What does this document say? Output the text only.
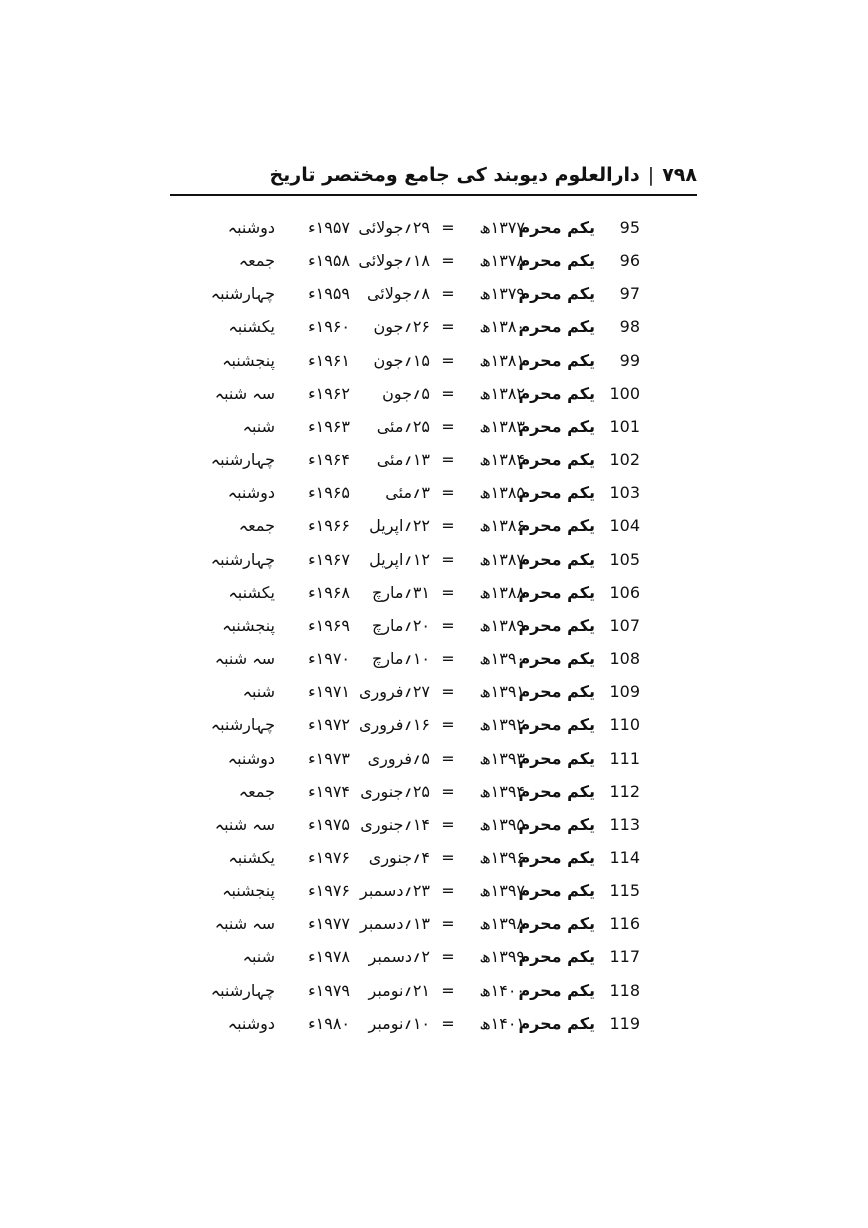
۷۹۸
|
دارالعلوم دیوبند کی جامع ومختصر تاریخ
95
یکم محرم
۱۳۷۷ھ
=
۲۹؍جولائی
۱۹۵۷ء
دوشنبہ
96
یکم محرم
۱۳۷۸ھ
=
۱۸؍جولائی
۱۹۵۸ء
جمعہ
97
یکم محرم
۱۳۷۹ھ
=
۸؍جولائی
۱۹۵۹ء
چہارشنبہ
98
یکم محرم
۱۳۸۰ھ
=
۲۶؍جون
۱۹۶۰ء
یکشنبہ
99
یکم محرم
۱۳۸۱ھ
=
۱۵؍جون
۱۹۶۱ء
پنجشنبہ
100
یکم محرم
۱۳۸۲ھ
=
۵؍جون
۱۹۶۲ء
سہ شنبہ
101
یکم محرم
۱۳۸۳ھ
=
۲۵؍مئی
۱۹۶۳ء
شنبہ
102
یکم محرم
۱۳۸۴ھ
=
۱۳؍مئی
۱۹۶۴ء
چہارشنبہ
103
یکم محرم
۱۳۸۵ھ
=
۳؍مئی
۱۹۶۵ء
دوشنبہ
104
یکم محرم
۱۳۸۶ھ
=
۲۲؍اپریل
۱۹۶۶ء
جمعہ
105
یکم محرم
۱۳۸۷ھ
=
۱۲؍اپریل
۱۹۶۷ء
چہارشنبہ
106
یکم محرم
۱۳۸۸ھ
=
۳۱؍مارچ
۱۹۶۸ء
یکشنبہ
107
یکم محرم
۱۳۸۹ھ
=
۲۰؍مارچ
۱۹۶۹ء
پنجشنبہ
108
یکم محرم
۱۳۹۰ھ
=
۱۰؍مارچ
۱۹۷۰ء
سہ شنبہ
109
یکم محرم
۱۳۹۱ھ
=
۲۷؍فروری
۱۹۷۱ء
شنبہ
110
یکم محرم
۱۳۹۲ھ
=
۱۶؍فروری
۱۹۷۲ء
چہارشنبہ
111
یکم محرم
۱۳۹۳ھ
=
۵؍فروری
۱۹۷۳ء
دوشنبہ
112
یکم محرم
۱۳۹۴ھ
=
۲۵؍جنوری
۱۹۷۴ء
جمعہ
113
یکم محرم
۱۳۹۵ھ
=
۱۴؍جنوری
۱۹۷۵ء
سہ شنبہ
114
یکم محرم
۱۳۹۶ھ
=
۴؍جنوری
۱۹۷۶ء
یکشنبہ
115
یکم محرم
۱۳۹۷ھ
=
۲۳؍دسمبر
۱۹۷۶ء
پنجشنبہ
116
یکم محرم
۱۳۹۸ھ
=
۱۳؍دسمبر
۱۹۷۷ء
سہ شنبہ
117
یکم محرم
۱۳۹۹ھ
=
۲؍دسمبر
۱۹۷۸ء
شنبہ
118
یکم محرم
۱۴۰۰ھ
=
۲۱؍نومبر
۱۹۷۹ء
چہارشنبہ
119
یکم محرم
۱۴۰۱ھ
=
۱۰؍نومبر
۱۹۸۰ء
دوشنبہ
